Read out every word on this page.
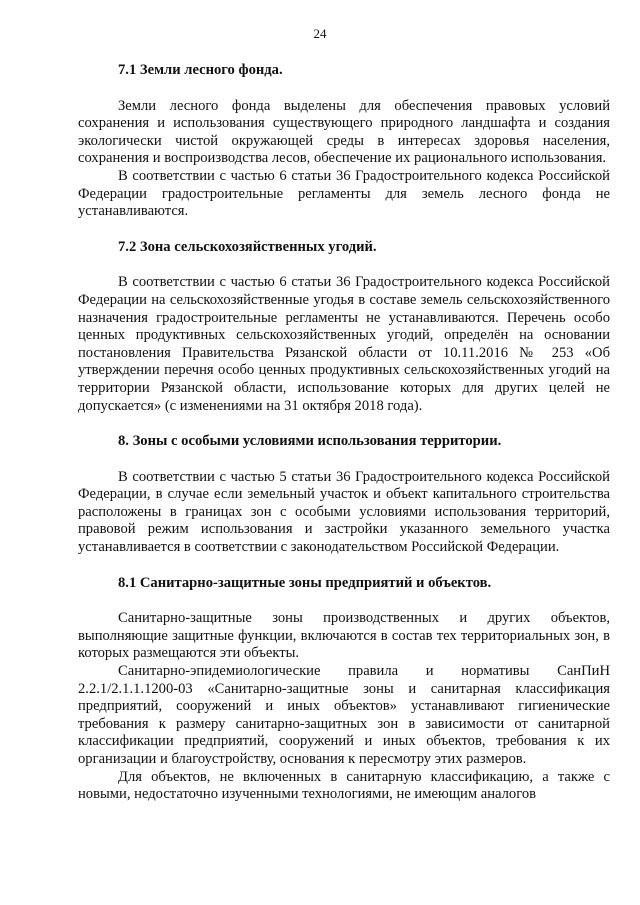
24
7.1 Земли лесного фонда.

Земли лесного фонда выделены для обеспечения правовых условий сохранения и использования существующего природного ландшафта и создания экологически чистой окружающей среды в интересах здоровья населения, сохранения и воспроизводства лесов, обеспечение их рационального использования.

В соответствии с частью 6 статьи 36 Градостроительного кодекса Российской Федерации градостроительные регламенты для земель лесного фонда не устанавливаются.

7.2 Зона сельскохозяйственных угодий.

В соответствии с частью 6 статьи 36 Градостроительного кодекса Российской Федерации на сельскохозяйственные угодья в составе земель сельскохозяйственного назначения градостроительные регламенты не устанавливаются. Перечень особо ценных продуктивных сельскохозяйственных угодий, определён на основании постановления Правительства Рязанской области от 10.11.2016 № 253 «Об утверждении перечня особо ценных продуктивных сельскохозяйственных угодий на территории Рязанской области, использование которых для других целей не допускается» (с изменениями на 31 октября 2018 года).

8. Зоны с особыми условиями использования территории.

В соответствии с частью 5 статьи 36 Градостроительного кодекса Российской Федерации, в случае если земельный участок и объект капитального строительства расположены в границах зон с особыми условиями использования территорий, правовой режим использования и застройки указанного земельного участка устанавливается в соответствии с законодательством Российской Федерации.

8.1 Санитарно-защитные зоны предприятий и объектов.

Санитарно-защитные зоны производственных и других объектов, выполняющие защитные функции, включаются в состав тех территориальных зон, в которых размещаются эти объекты.

Санитарно-эпидемиологические правила и нормативы СанПиН 2.2.1/2.1.1.1200-03 «Санитарно-защитные зоны и санитарная классификация предприятий, сооружений и иных объектов» устанавливают гигиенические требования к размеру санитарно-защитных зон в зависимости от санитарной классификации предприятий, сооружений и иных объектов, требования к их организации и благоустройству, основания к пересмотру этих размеров.

Для объектов, не включенных в санитарную классификацию, а также с новыми, недостаточно изученными технологиями, не имеющим аналогов
